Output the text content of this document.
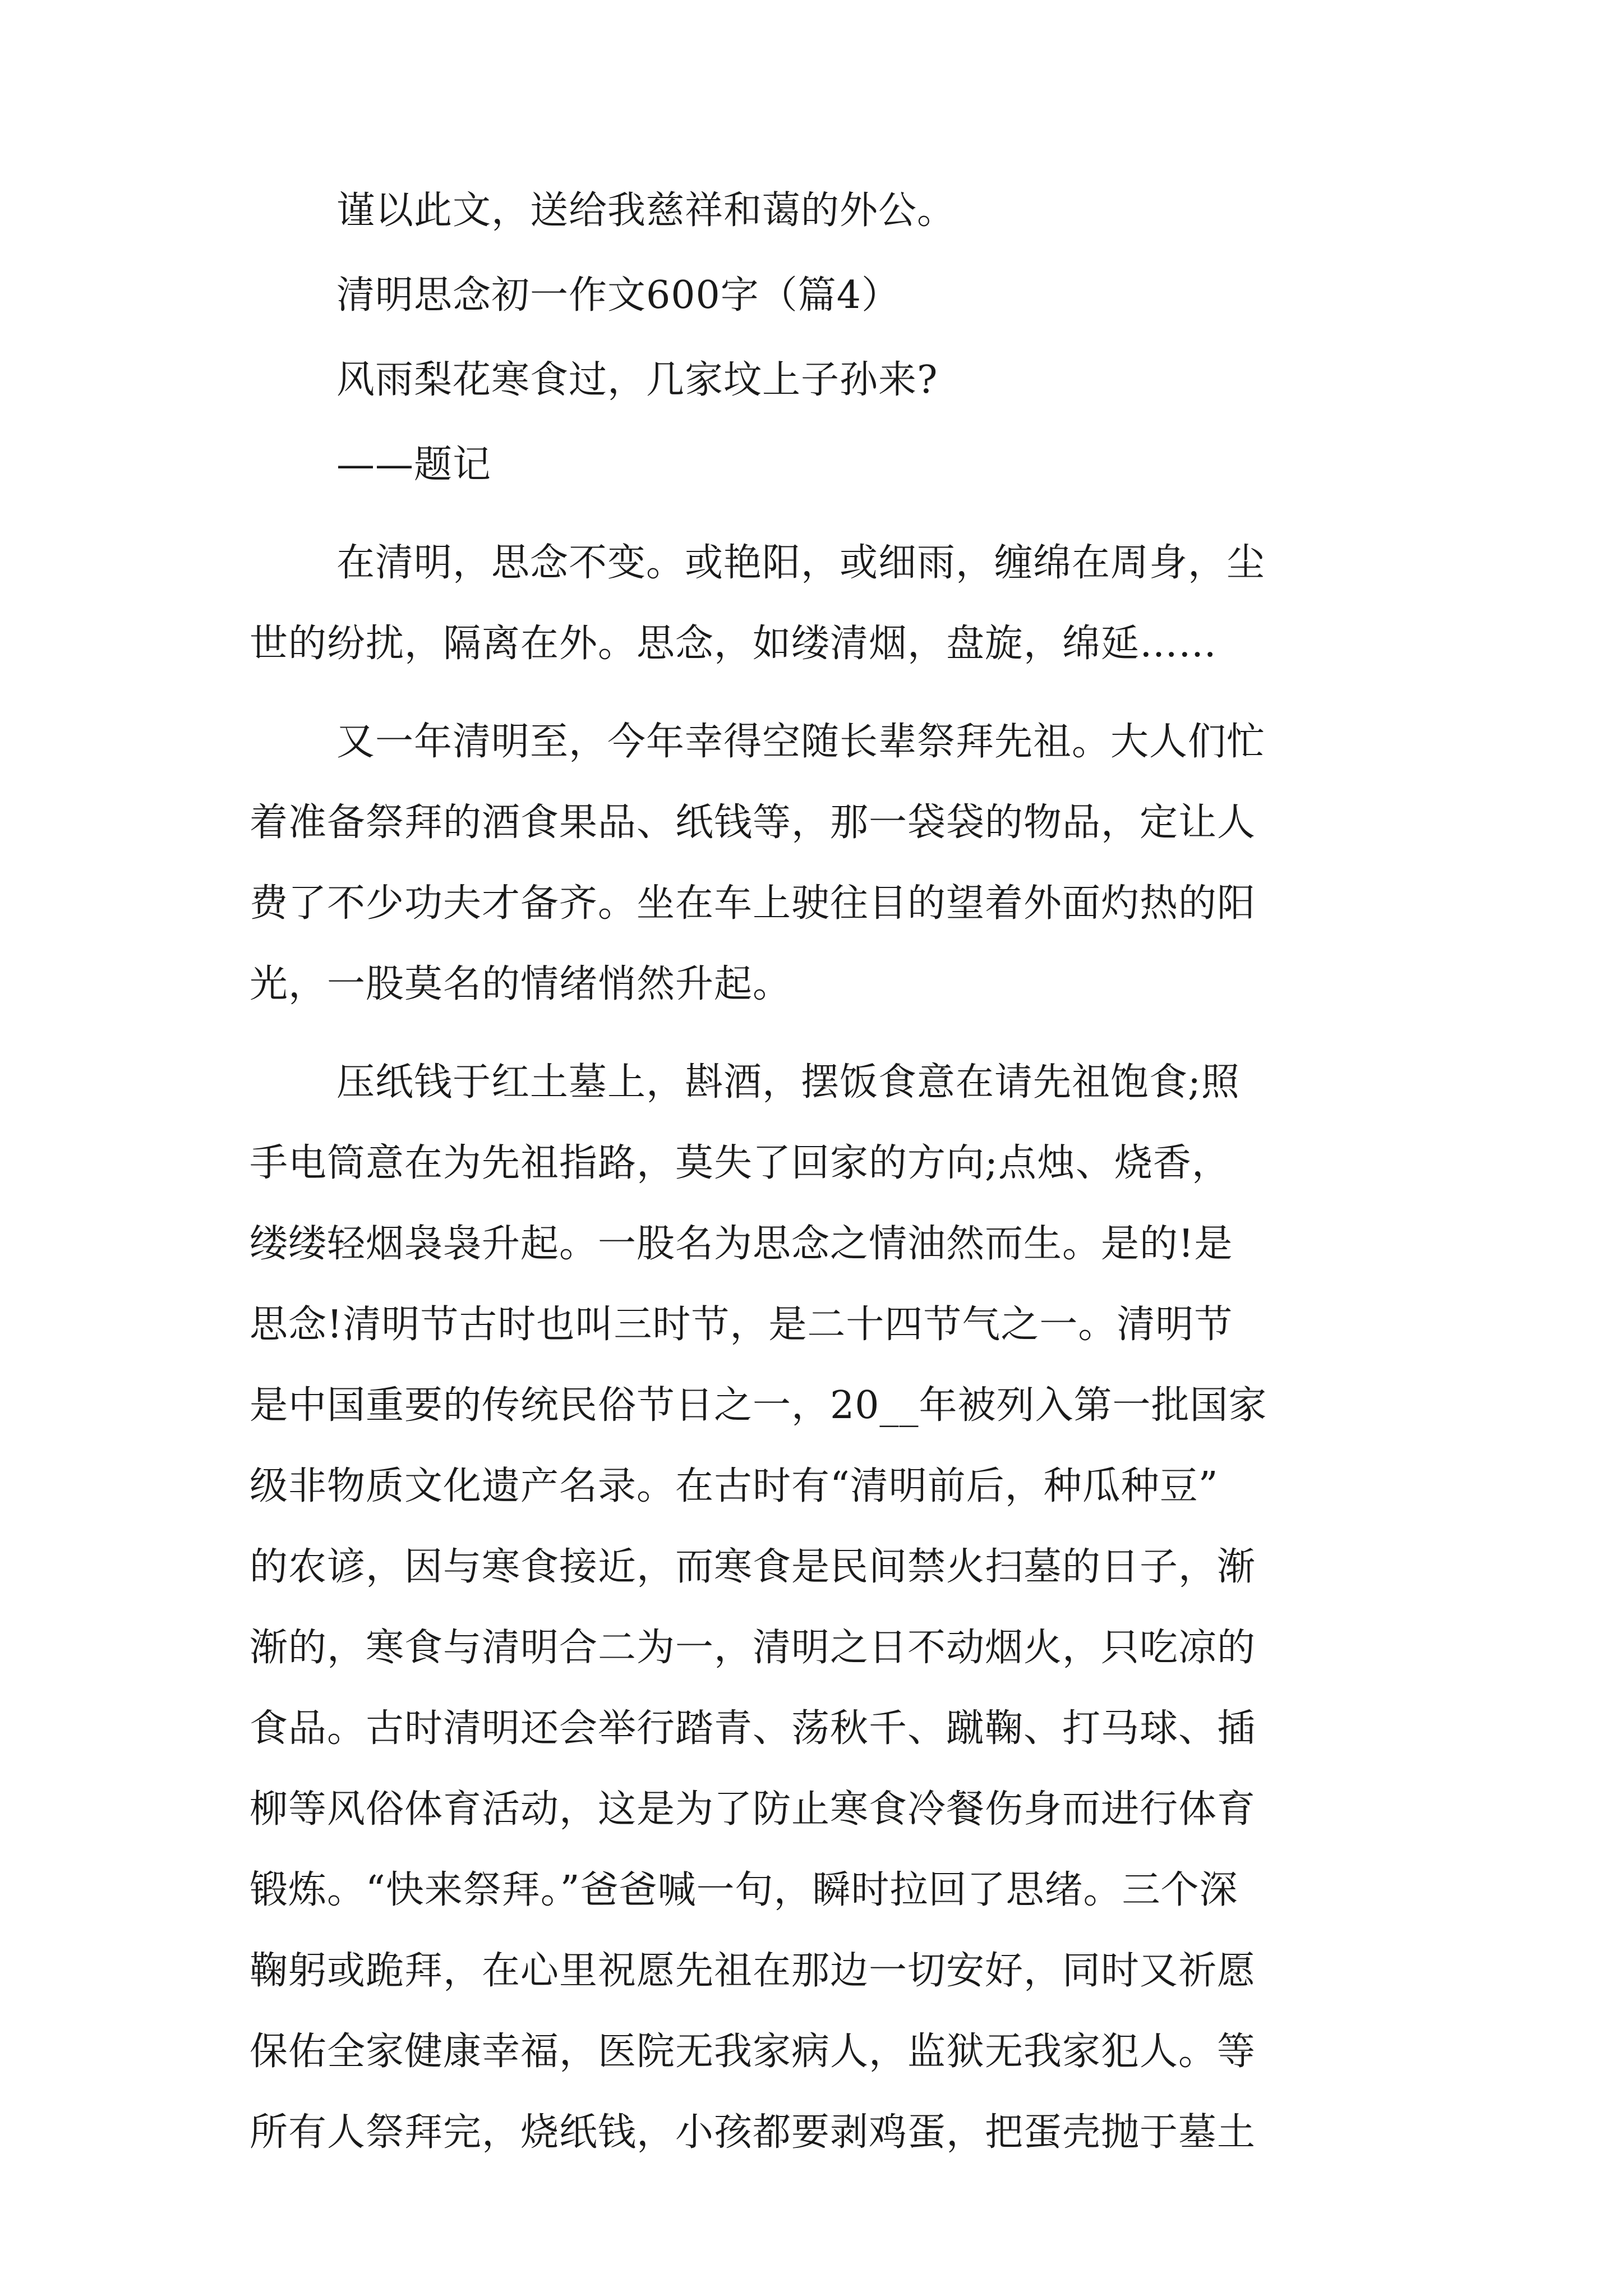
谨以此文，送给我慈祥和蔼的外公。

清明思念初一作文600字（篇4）

风雨梨花寒食过，几家坟上子孙来?

——题记

在清明，思念不变。或艳阳，或细雨，缠绵在周身，尘

世的纷扰，隔离在外。思念，如缕清烟，盘旋，绵延……

又一年清明至，今年幸得空随长辈祭拜先祖。大人们忙

着准备祭拜的酒食果品、纸钱等，那一袋袋的物品，定让人

费了不少功夫才备齐。坐在车上驶往目的望着外面灼热的阳

光，一股莫名的情绪悄然升起。

压纸钱于红土墓上，斟酒，摆饭食意在请先祖饱食;照

手电筒意在为先祖指路，莫失了回家的方向;点烛、烧香，

缕缕轻烟袅袅升起。一股名为思念之情油然而生。是的!是

思念!清明节古时也叫三时节，是二十四节气之一。清明节

是中国重要的传统民俗节日之一，20__年被列入第一批国家

级非物质文化遗产名录。在古时有“清明前后，种瓜种豆”

的农谚，因与寒食接近，而寒食是民间禁火扫墓的日子，渐

渐的，寒食与清明合二为一，清明之日不动烟火，只吃凉的

食品。古时清明还会举行踏青、荡秋千、蹴鞠、打马球、插

柳等风俗体育活动，这是为了防止寒食冷餐伤身而进行体育

锻炼。“快来祭拜。”爸爸喊一句，瞬时拉回了思绪。三个深

鞠躬或跪拜，在心里祝愿先祖在那边一切安好，同时又祈愿

保佑全家健康幸福，医院无我家病人，监狱无我家犯人。等

所有人祭拜完，烧纸钱，小孩都要剥鸡蛋，把蛋壳抛于墓土
